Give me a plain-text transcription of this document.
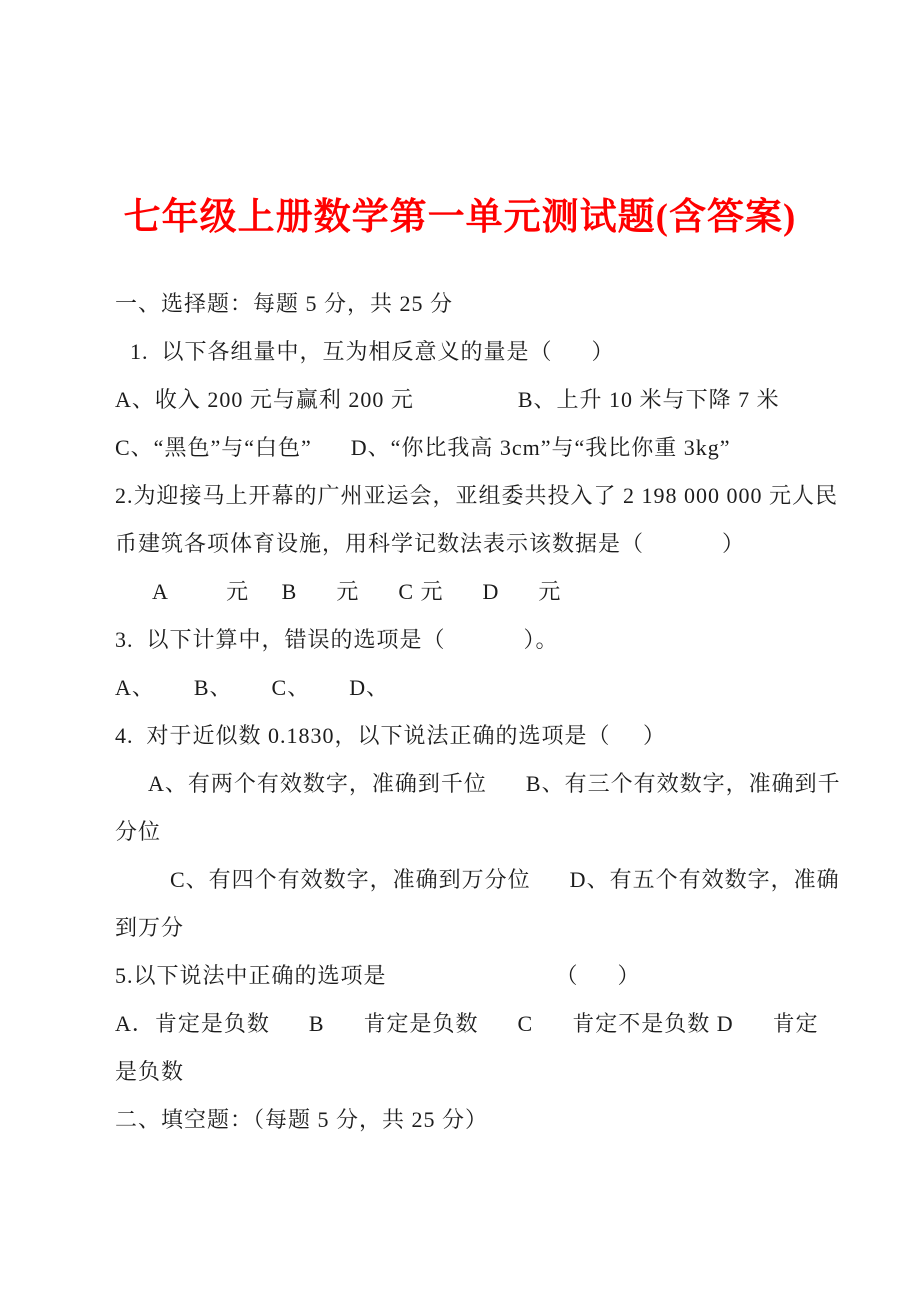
七年级上册数学第一单元测试题(含答案)
一、选择题：每题 5 分，共 25 分
1.  以下各组量中，互为相反意义的量是（      ）
A、收入 200 元与赢利 200 元                B、上升 10 米与下降 7 米
C、“黑色”与“白色”      D、“你比我高 3cm”与“我比你重 3kg”
2.为迎接马上开幕的广州亚运会，亚组委共投入了 2 198 000 000 元人民
币建筑各项体育设施，用科学记数法表示该数据是（            ）
A         元     B      元      C 元      D      元
3.  以下计算中，错误的选项是（            ）。
A、      B、      C、      D、
4.  对于近似数 0.1830，以下说法正确的选项是（     ）
A、有两个有效数字，准确到千位      B、有三个有效数字，准确到千
分位
C、有四个有效数字，准确到万分位      D、有五个有效数字，准确
到万分
5.以下说法中正确的选项是                          （      ）
A．肯定是负数      B      肯定是负数      C      肯定不是负数 D      肯定
是负数
二、填空题：（每题 5 分，共 25 分）
